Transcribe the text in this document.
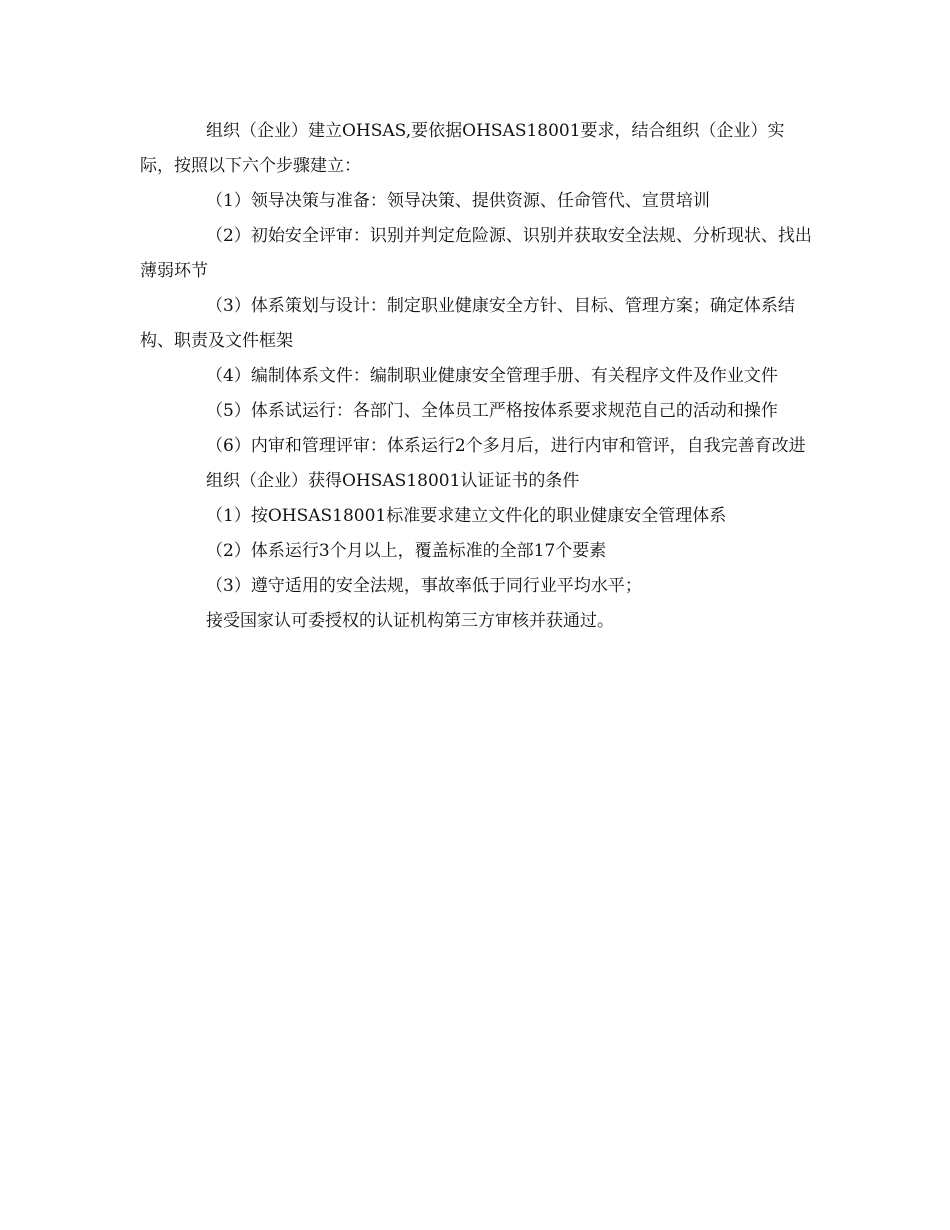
组织（企业）建立OHSAS,要依据OHSAS18001要求，结合组织（企业）实际，按照以下六个步骤建立：

（1）领导决策与准备：领导决策、提供资源、任命管代、宣贯培训

（2）初始安全评审：识别并判定危险源、识别并获取安全法规、分析现状、找出薄弱环节

（3）体系策划与设计：制定职业健康安全方针、目标、管理方案；确定体系结构、职责及文件框架

（4）编制体系文件：编制职业健康安全管理手册、有关程序文件及作业文件

（5）体系试运行：各部门、全体员工严格按体系要求规范自己的活动和操作

（6）内审和管理评审：体系运行2个多月后，进行内审和管评，自我完善育改进

组织（企业）获得OHSAS18001认证证书的条件

（1）按OHSAS18001标准要求建立文件化的职业健康安全管理体系

（2）体系运行3个月以上，覆盖标准的全部17个要素

（3）遵守适用的安全法规，事故率低于同行业平均水平；

接受国家认可委授权的认证机构第三方审核并获通过。
